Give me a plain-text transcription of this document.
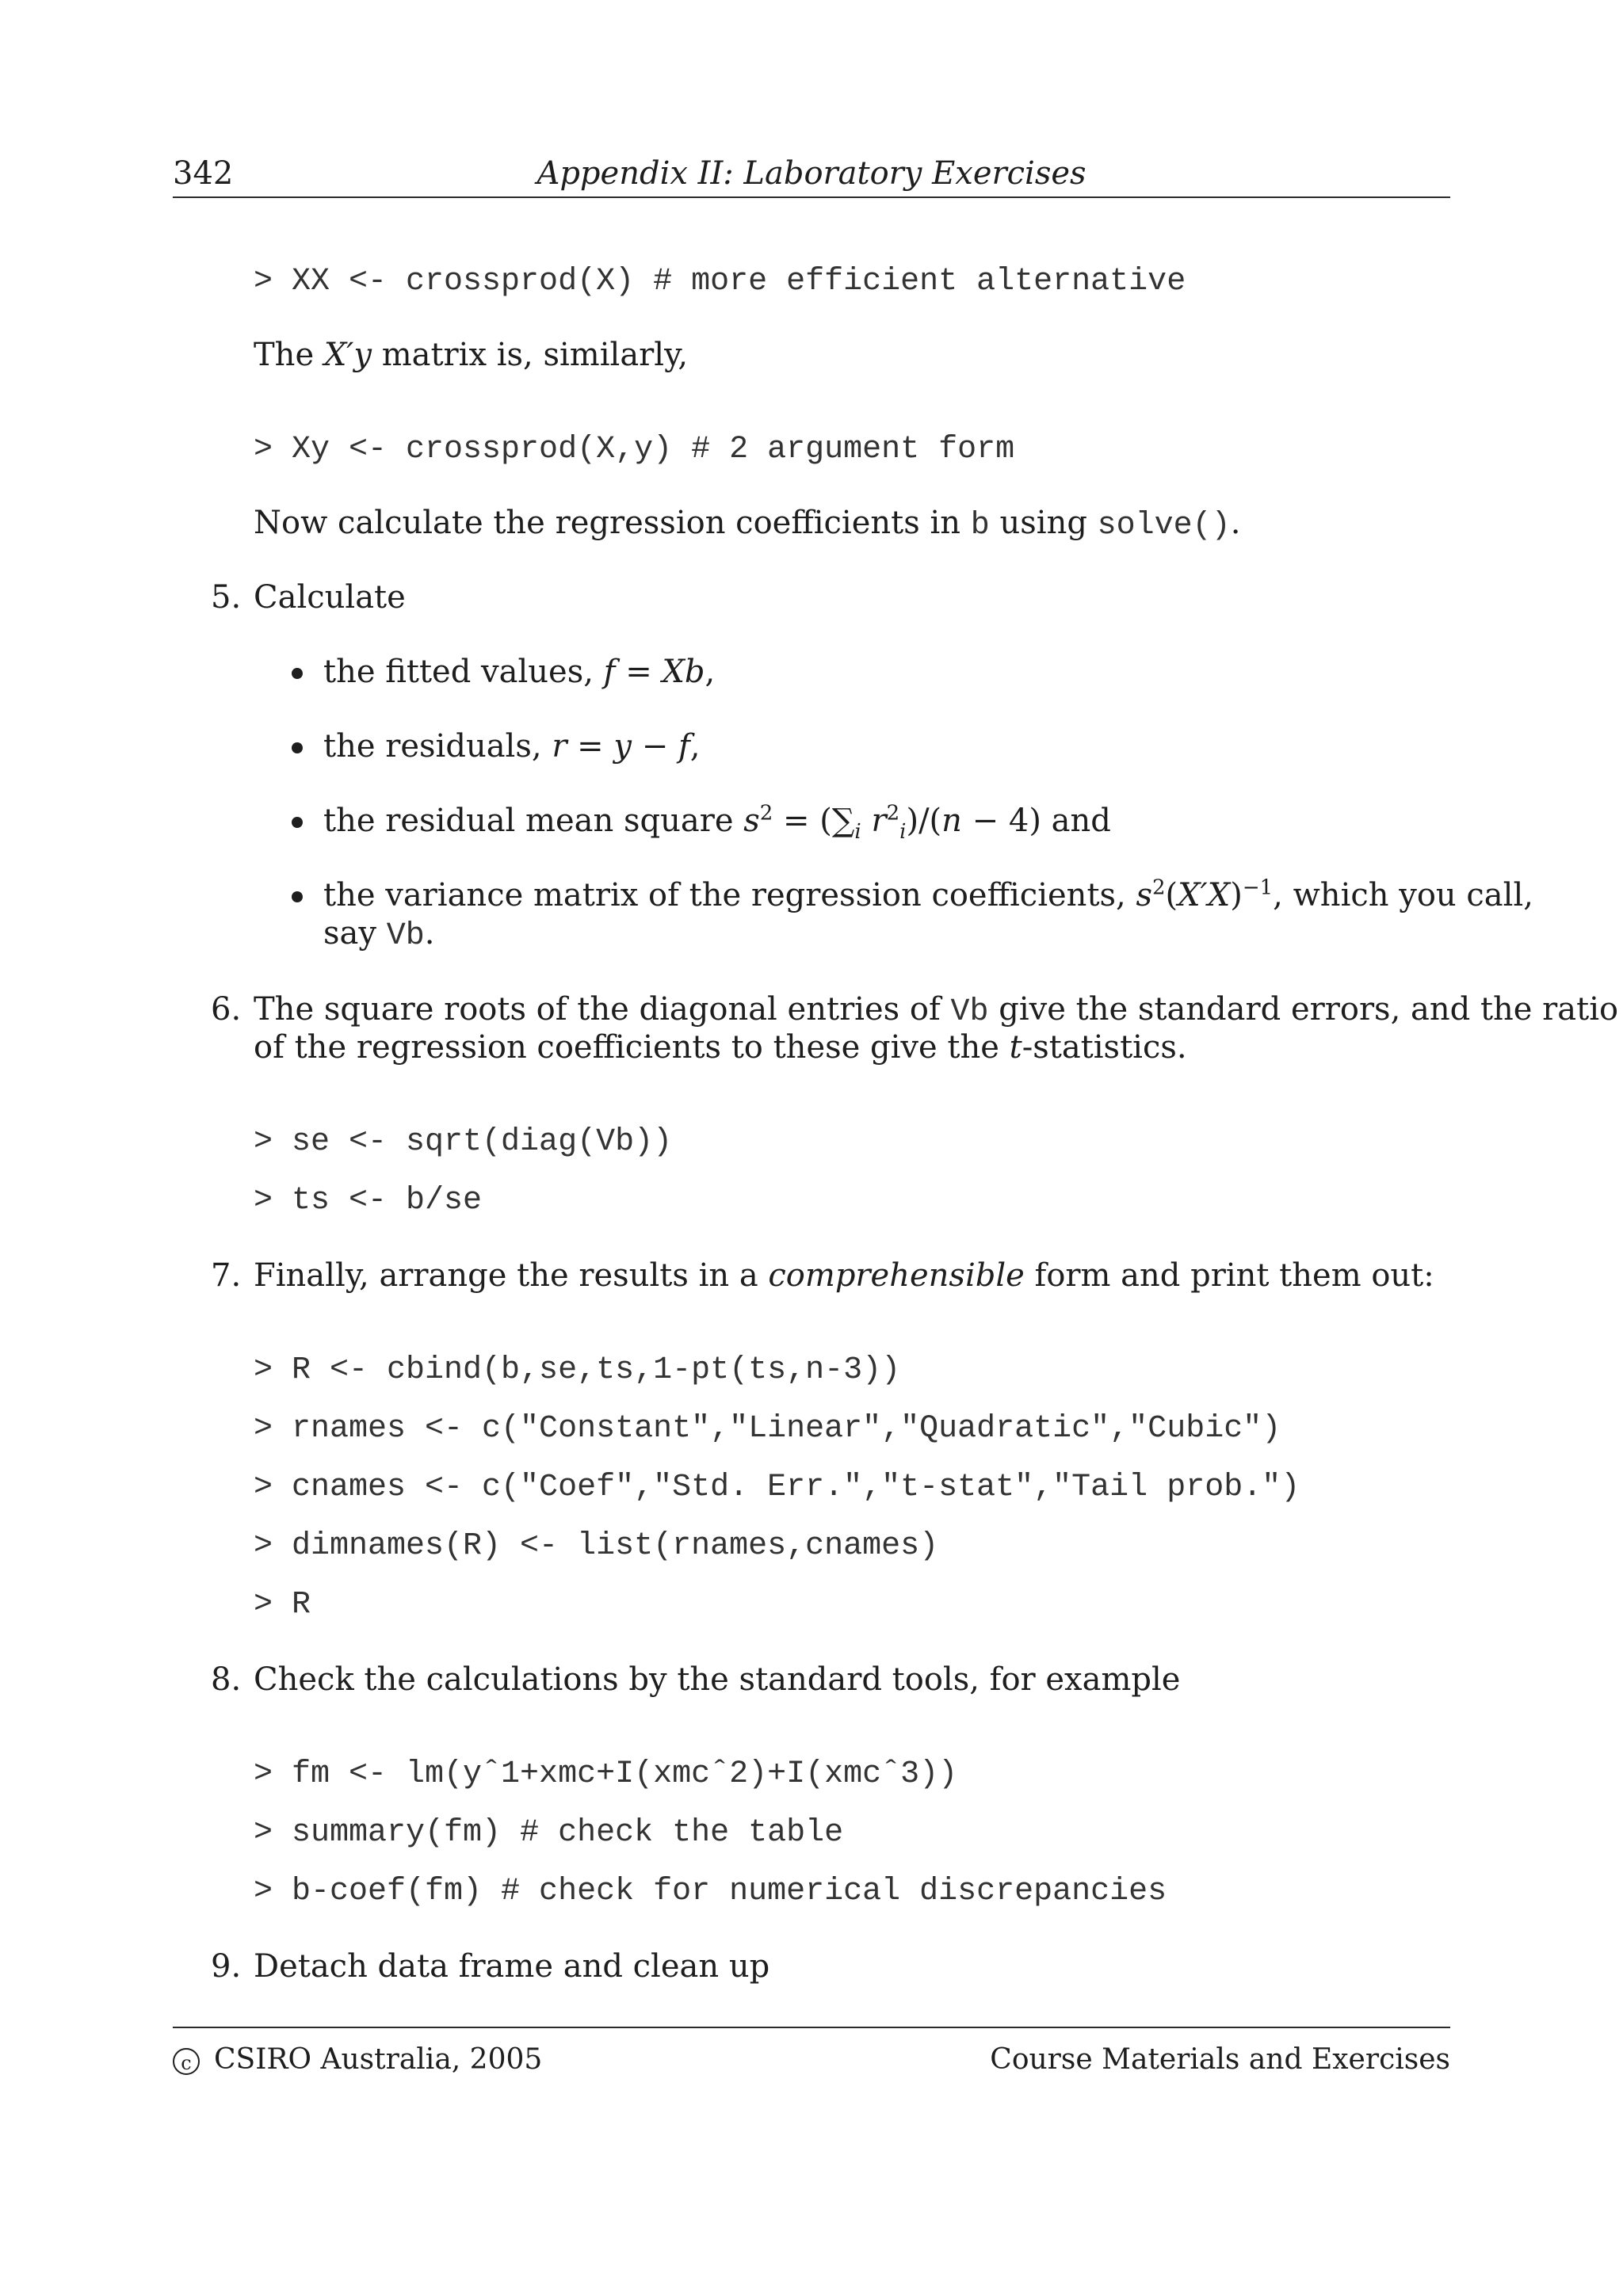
342	Appendix II: Laboratory Exercises
> XX <- crossprod(X) # more efficient alternative
The X′y matrix is, similarly,
> Xy <- crossprod(X,y) # 2 argument form
Now calculate the regression coefficients in b using solve().
5. Calculate
the fitted values, f = Xb,
the residuals, r = y − f,
the residual mean square $s^2 = (\sum_i$ $r^2_i)/(n - 4)$ and
the variance matrix of the regression coefficients, $s^2(X'X)^{-1}$, which you call,
say Vb.
6. The square roots of the diagonal entries of Vb give the standard errors, and the ratio
of the regression coefficients to these give the t-statistics.
> se <- sqrt(diag(Vb))
> ts <- b/se
7. Finally, arrange the results in a comprehensible form and print them out:
> R <- cbind(b,se,ts,1-pt(ts,n-3))
> rnames <- c("Constant","Linear","Quadratic","Cubic")
> cnames <- c("Coef","Std. Err.","t-stat","Tail prob.")
> dimnames(R) <- list(rnames,cnames)
> R
8. Check the calculations by the standard tools, for example
> fm <- lm(yˆ1+xmc+I(xmcˆ2)+I(xmcˆ3))
> summary(fm) # check the table
> b-coef(fm) # check for numerical discrepancies
9. Detach data frame and clean up
c CSIRO Australia, 2005	Course Materials and Exercises
